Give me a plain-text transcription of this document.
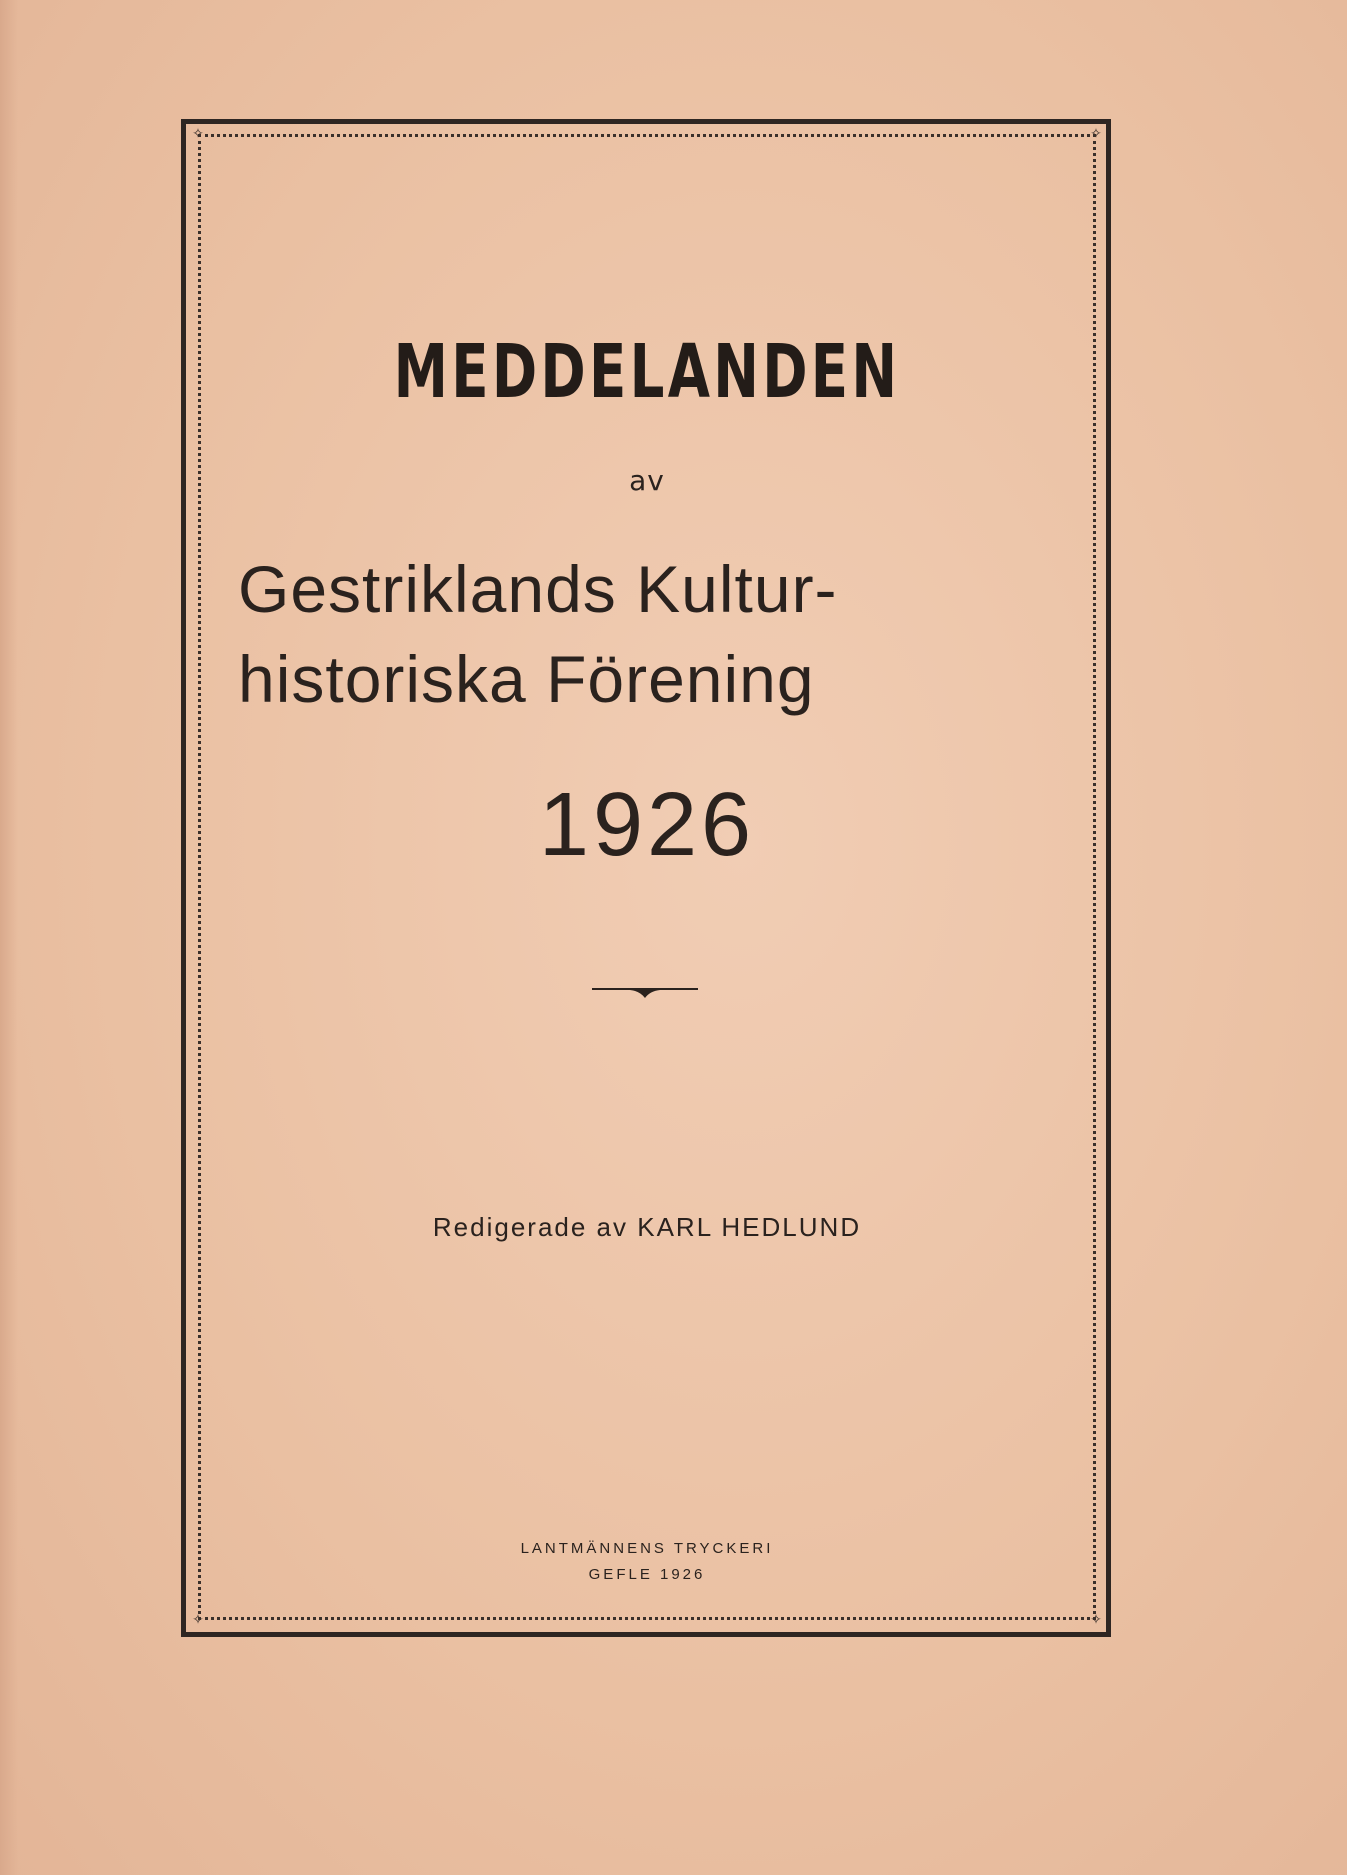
✧	✧
✧	✧
MEDDELANDEN
av
Gestriklands Kultur-
historiska Förening
1926
Redigerade av KARL HEDLUND
LANTMÄNNENS TRYCKERI
GEFLE 1926
